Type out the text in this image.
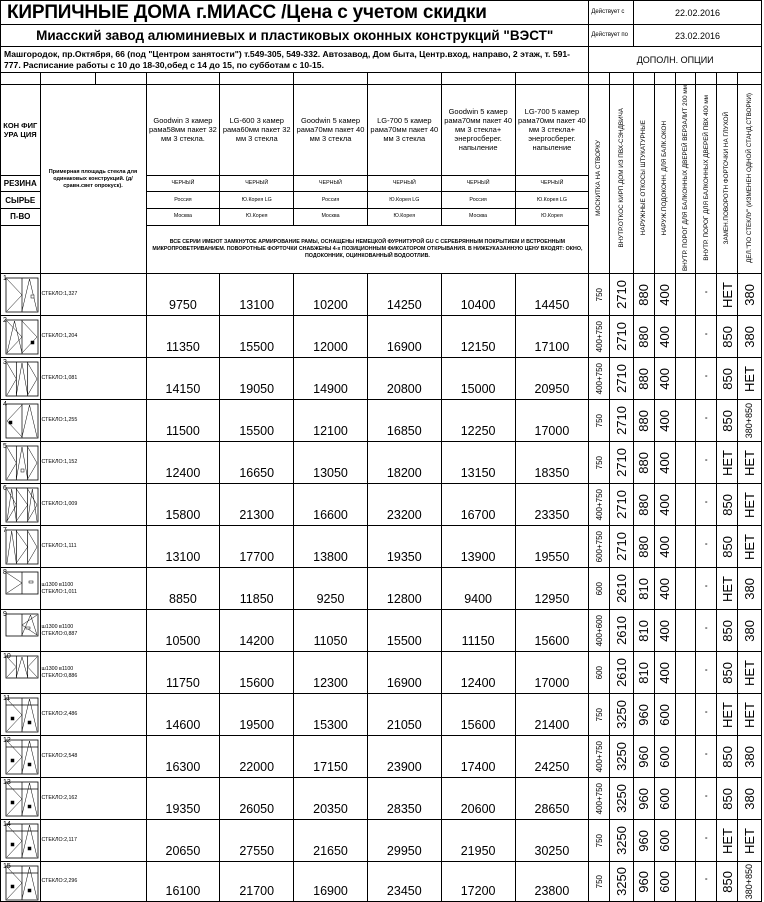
КИРПИЧНЫЕ ДОМА г.МИАСС /Цена с учетом скидки									Действует с		22.02.2016					
Миасский завод алюминиевых и пластиковых оконных конструкций "ВЭСТ"									Действует по		23.02.2016					
Машгородок, пр.Октября, 66 (под "Центром занятости") т.549-305, 549-332. Автозавод, Дом быта, Центр.вход, направо, 2 этаж, т. 591-777. Расписание работы с 10 до 18-30,обед с 14 до 15, по субботам с 10-15.									ДОПОЛН. ОПЦИИ							

КОН ФИГ УРА ЦИЯ	Примерная площадь стекла для одинаковых конструкций. (д/сравн.свет опрокуск).		Goodwin 3 камер рама58мм пакет 32 мм 3 стекла.	LG-600 3 камер рама60мм пакет 32 мм 3 стекла	Goodwin 5 камер рама70мм пакет 40 мм 3 стекла	LG-700 5 камер рама70мм пакет 40 мм 3 стекла	Goodwin 5 камер рама70мм пакет 40 мм 3 стекла+ энергосберег. напыление	LG-700 5 камер рама70мм пакет 40 мм 3 стекла+ энергосберег. напыление	МОСКИТКА НА СТВОРКУ	ВНУТР.ОТКОС КИРП.ДОМ ИЗ ПВХ-СЭНДВИЧА	НАРУЖНЫЕ ОТКОСЫ ШТУКАТУРНЫЕ	НАРУЖ.ПОДОКОНН. ДЛЯ БАЛК.ОКОН	ВНУТР. ПОРОГ ДЛЯ БАЛКОННЫХ ДВЕРЕЙ ВЕРЗАЛИТ 200 мм	ВНУТР. ПОРОГ ДЛЯ БАЛКОННЫХ ДВЕРЕЙ ПВХ 400 мм	ЗАМЕН.ПОВОРОТН ФОРТОЧКИ НА ГЛУХОЙ	ДЕЛ."ПО СТЕКЛУ" (ИЗМЕНЕН ОДНОЙ СТАНД.СТВОРКИ)

РЕЗИНА			ЧЕРНЫЙ	ЧЕРНЫЙ	ЧЕРНЫЙ	ЧЕРНЫЙ	ЧЕРНЫЙ	ЧЕРНЫЙ								
СЫРЬЕ			Россия	Ю.Корея LG	Россия	Ю.Корея LG	Россия	Ю.Корея LG								
П-ВО			Москва	Ю.Корея	Москва	Ю.Корея	Москва	Ю.Корея								
			ВСЕ СЕРИИ ИМЕЮТ ЗАМКНУТОЕ АРМИРОВАНИЕ РАМЫ, ОСНАЩЕНЫ НЕМЕЦКОЙ ФУРНИТУРОЙ GU С СЕРЕБРЯННЫМ ПОКРЫТИЕМ И ВСТРОЕННЫМ МИКРОПРОВЕТРИВАНИЕМ. ПОВОРОТНЫЕ ФОРТОЧКИ СНАБЖЕНЫ 4-х ПОЗИЦИОННЫМ ФИКСАТОРОМ ОТКРЫВАНИЯ. В НИЖЕУКАЗАННУЮ ЦЕНУ ВХОДЯТ: ОКНО, ПОДОКОННИК, ОЦИНКОВАННЫЙ ВОДООТЛИВ.													
1	СТЕКЛО:1,327		9750	13100	10200	14250	10400	14450	750	2710	880	400		°	НЕТ	380

2	СТЕКЛО:1,204		11350	15500	12000	16900	12150	17100	400+750	2710	880	400		°	850	380

3	СТЕКЛО:1,081		14150	19050	14900	20800	15000	20950	400+750	2710	880	400		°	850	НЕТ

4	СТЕКЛО:1,255		11500	15500	12100	16850	12250	17000	750	2710	880	400		°	850	380+850

5	СТЕКЛО:1,152		12400	16650	13050	18200	13150	18350	750	2710	880	400		°	НЕТ	НЕТ

6	СТЕКЛО:1,009		15800	21300	16600	23200	16700	23350	400+750	2710	880	400		°	850	НЕТ

7	СТЕКЛО:1,111		13100	17700	13800	19350	13900	19550	600+750	2710	880	400		°	850	НЕТ

8	ш1300 в1100
СТЕКЛО:1,011		8850	11850	9250	12800	9400	12950	600	2610	810	400		°	НЕТ	380

9	ш1300 в1100
СТЕКЛО:0,887		10500	14200	11050	15500	11150	15600	400+600	2610	810	400		°	850	380

10	ш1300 в1100
СТЕКЛО:0,886		11750	15600	12300	16900	12400	17000	600	2610	810	400		°	850	НЕТ

11	СТЕКЛО:2,486		14600	19500	15300	21050	15600	21400	750	3250	960	600		°	НЕТ	НЕТ

12	СТЕКЛО:2,548		16300	22000	17150	23900	17400	24250	400+750	3250	960	600		°	850	380

13	СТЕКЛО:2,162		19350	26050	20350	28350	20600	28650	400+750	3250	960	600		°	850	380

14	СТЕКЛО:2,117		20650	27550	21650	29950	21950	30250	750	3250	960	600		°	НЕТ	НЕТ

15	СТЕКЛО:2,296		16100	21700	16900	23450	17200	23800	750	3250	960	600		°	850	380+850
